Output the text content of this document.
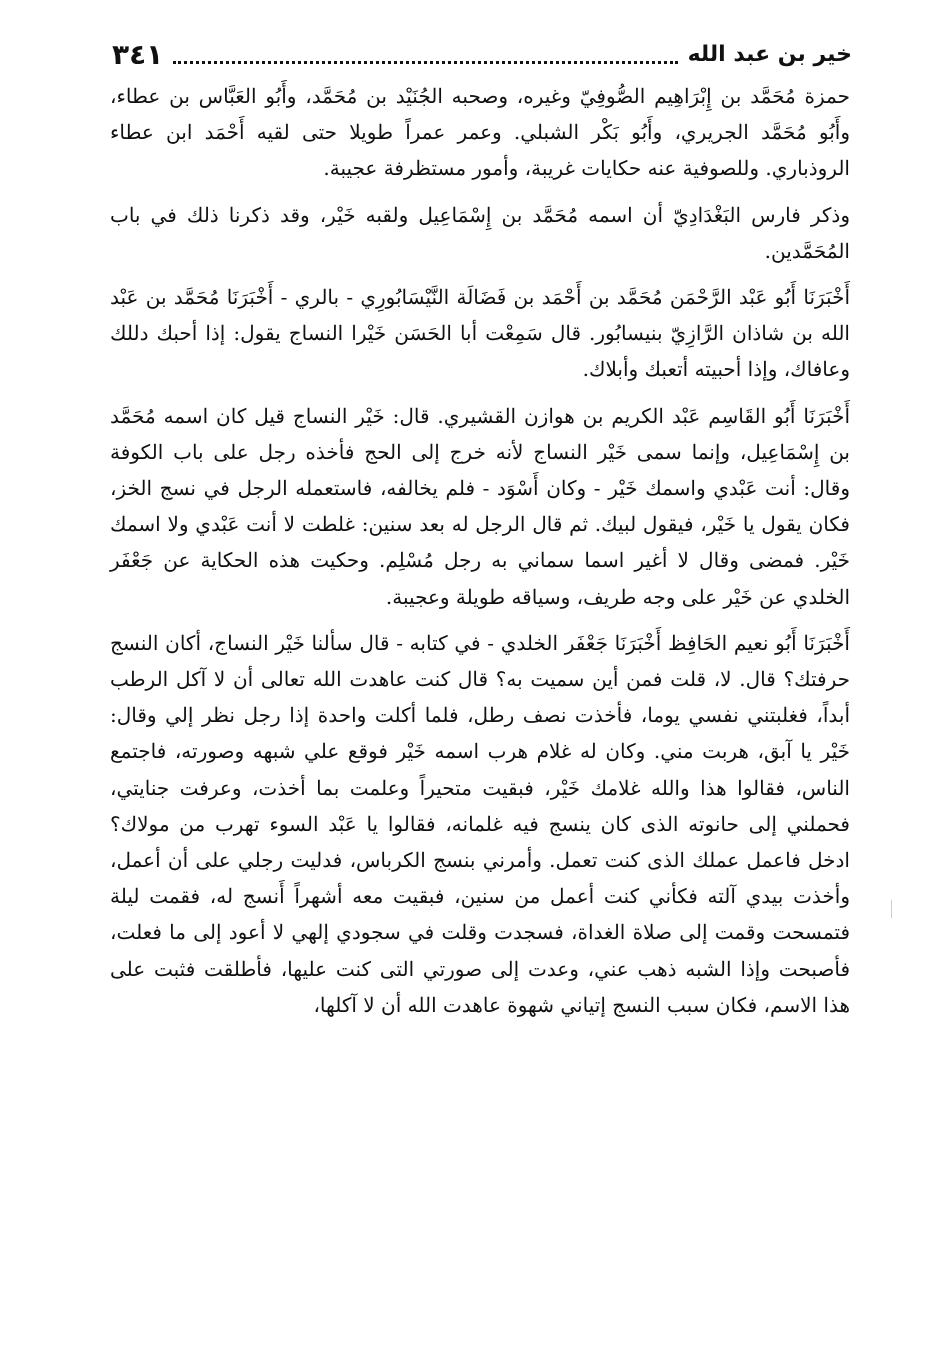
خير بن عبد الله
٣٤١

حمزة مُحَمَّد بن إِبْرَاهِيم الصُّوفِيّ وغيره، وصحبه الجُنَيْد بن مُحَمَّد، وأَبُو العَبَّاس بن عطاء، وأَبُو مُحَمَّد الجريري، وأَبُو بَكْر الشبلي. وعمر عمراً طويلا حتى لقيه أَحْمَد ابن عطاء الروذباري. وللصوفية عنه حكايات غريبة، وأمور مستظرفة عجيبة.

وذكر فارس البَغْدَادِيّ أن اسمه مُحَمَّد بن إِسْمَاعِيل ولقبه خَيْر، وقد ذكرنا ذلك في باب المُحَمَّدين.

أَخْبَرَنَا أَبُو عَبْد الرَّحْمَن مُحَمَّد بن أَحْمَد بن فَضَالَة النَّيْسَابُورِي - بالري - أَخْبَرَنَا مُحَمَّد بن عَبْد الله بن شاذان الرَّازِيّ بنيسابُور. قال سَمِعْت أبا الحَسَن خَيْرا النساج يقول: إذا أحبك دللك وعافاك، وإذا أحبيته أتعبك وأبلاك.

أَخْبَرَنَا أَبُو القَاسِم عَبْد الكريم بن هوازن القشيري. قال: خَيْر النساج قيل كان اسمه مُحَمَّد بن إِسْمَاعِيل، وإنما سمى خَيْر النساج لأنه خرج إلى الحج فأخذه رجل على باب الكوفة وقال: أنت عَبْدي واسمك خَيْر - وكان أَسْوَد - فلم يخالفه، فاستعمله الرجل في نسج الخز، فكان يقول يا خَيْر، فيقول لبيك. ثم قال الرجل له بعد سنين: غلطت لا أنت عَبْدي ولا اسمك خَيْر. فمضى وقال لا أغير اسما سماني به رجل مُسْلِم. وحكيت هذه الحكاية عن جَعْفَر الخلدي عن خَيْر على وجه طريف، وسياقه طويلة وعجيبة.

أَخْبَرَنَا أَبُو نعيم الحَافِظ أَخْبَرَنَا جَعْفَر الخلدي - في كتابه - قال سألنا خَيْر النساج، أكان النسج حرفتك؟ قال. لا، قلت فمن أين سميت به؟ قال كنت عاهدت الله تعالى أن لا آكل الرطب أبداً، فغلبتني نفسي يوما، فأخذت نصف رطل، فلما أكلت واحدة إذا رجل نظر إلي وقال: خَيْر يا آبق، هربت مني. وكان له غلام هرب اسمه خَيْر فوقع علي شبهه وصورته، فاجتمع الناس، فقالوا هذا والله غلامك خَيْر، فبقيت متحيراً وعلمت بما أخذت، وعرفت جنايتي، فحملني إلى حانوته الذى كان ينسج فيه غلمانه، فقالوا يا عَبْد السوء تهرب من مولاك؟ ادخل فاعمل عملك الذى كنت تعمل. وأمرني بنسج الكرباس، فدليت رجلي على أن أعمل، وأخذت بيدي آلته فكأني كنت أعمل من سنين، فبقيت معه أشهراً أَنسج له، فقمت ليلة فتمسحت وقمت إلى صلاة الغداة، فسجدت وقلت في سجودي إلهي لا أعود إلى ما فعلت، فأصبحت وإذا الشبه ذهب عني، وعدت إلى صورتي التى كنت عليها، فأطلقت فثبت على هذا الاسم، فكان سبب النسج إتياني شهوة عاهدت الله أن لا آكلها،
